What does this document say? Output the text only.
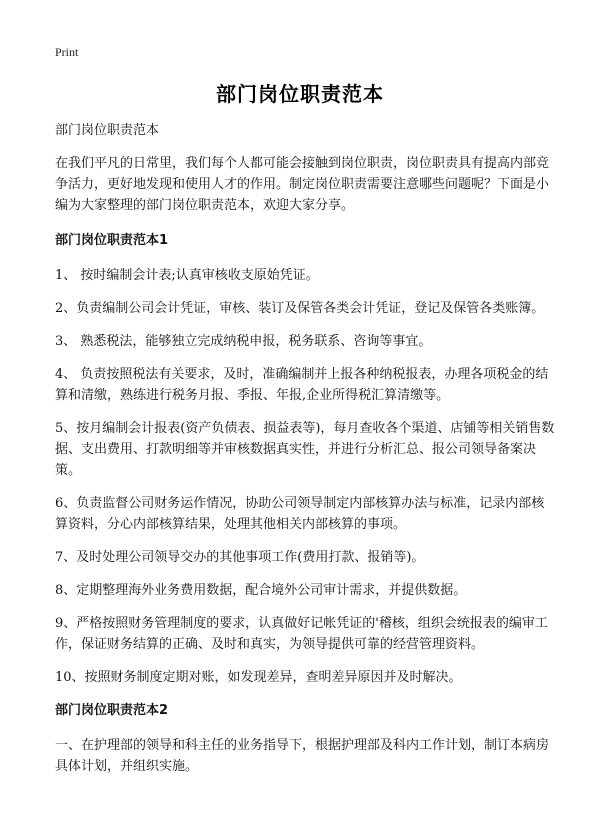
Print
部门岗位职责范本

部门岗位职责范本

在我们平凡的日常里，我们每个人都可能会接触到岗位职责，岗位职责具有提高内部竞争活力，更好地发现和使用人才的作用。制定岗位职责需要注意哪些问题呢？下面是小编为大家整理的部门岗位职责范本，欢迎大家分享。

部门岗位职责范本1

1、 按时编制会计表;认真审核收支原始凭证。

2、负责编制公司会计凭证，审核、装订及保管各类会计凭证，登记及保管各类账簿。

3、 熟悉税法，能够独立完成纳税申报，税务联系、咨询等事宜。

4、 负责按照税法有关要求，及时，准确编制并上报各种纳税报表，办理各项税金的结算和清缴，熟练进行税务月报、季报、年报,企业所得税汇算清缴等。

5、按月编制会计报表(资产负债表、损益表等)，每月查收各个渠道、店铺等相关销售数据、支出费用、打款明细等并审核数据真实性，并进行分析汇总、报公司领导备案决策。

6、负责监督公司财务运作情况，协助公司领导制定内部核算办法与标准，记录内部核算资料，分心内部核算结果，处理其他相关内部核算的事项。

7、及时处理公司领导交办的其他事项工作(费用打款、报销等)。

8、定期整理海外业务费用数据，配合境外公司审计需求，并提供数据。

9、严格按照财务管理制度的要求，认真做好记帐凭证的'稽核，组织会统报表的编审工作，保证财务结算的正确、及时和真实，为领导提供可靠的经营管理资料。

10、按照财务制度定期对账，如发现差异，查明差异原因并及时解决。

部门岗位职责范本2

一、在护理部的领导和科主任的业务指导下，根据护理部及科内工作计划，制订本病房具体计划，并组织实施。
